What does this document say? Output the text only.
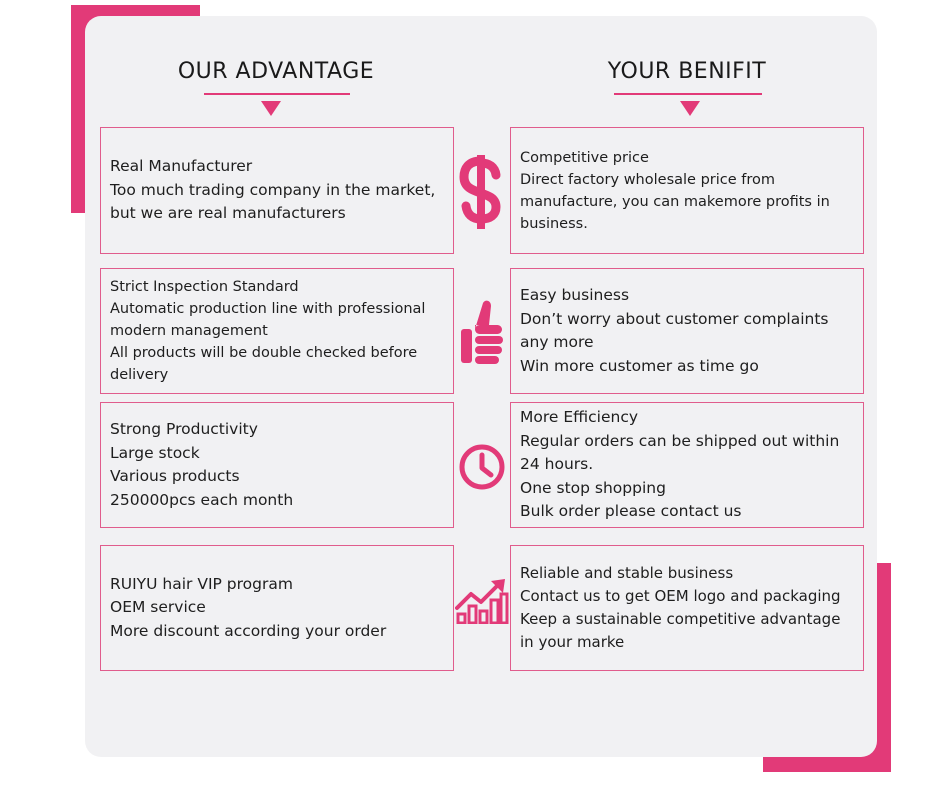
OUR ADVANTAGE	YOUR BENIFIT
Real Manufacturer
Too much trading company in the market,
but we are real manufacturers
Competitive price
Direct factory wholesale price from
manufacture, you can makemore profits in
business.
Strict Inspection Standard
Automatic production line with professional
modern management
All products will be double checked before
delivery
Easy business
Don’t worry about customer complaints
any more
Win more customer as time go
Strong Productivity
Large stock
Various products
250000pcs each month
More Efficiency
Regular orders can be shipped out within
24 hours.
One stop shopping
Bulk order please contact us
RUIYU hair VIP program
OEM service
More discount according your order
Reliable and stable business
Contact us to get OEM logo and packaging
Keep a sustainable competitive advantage
in your marke
